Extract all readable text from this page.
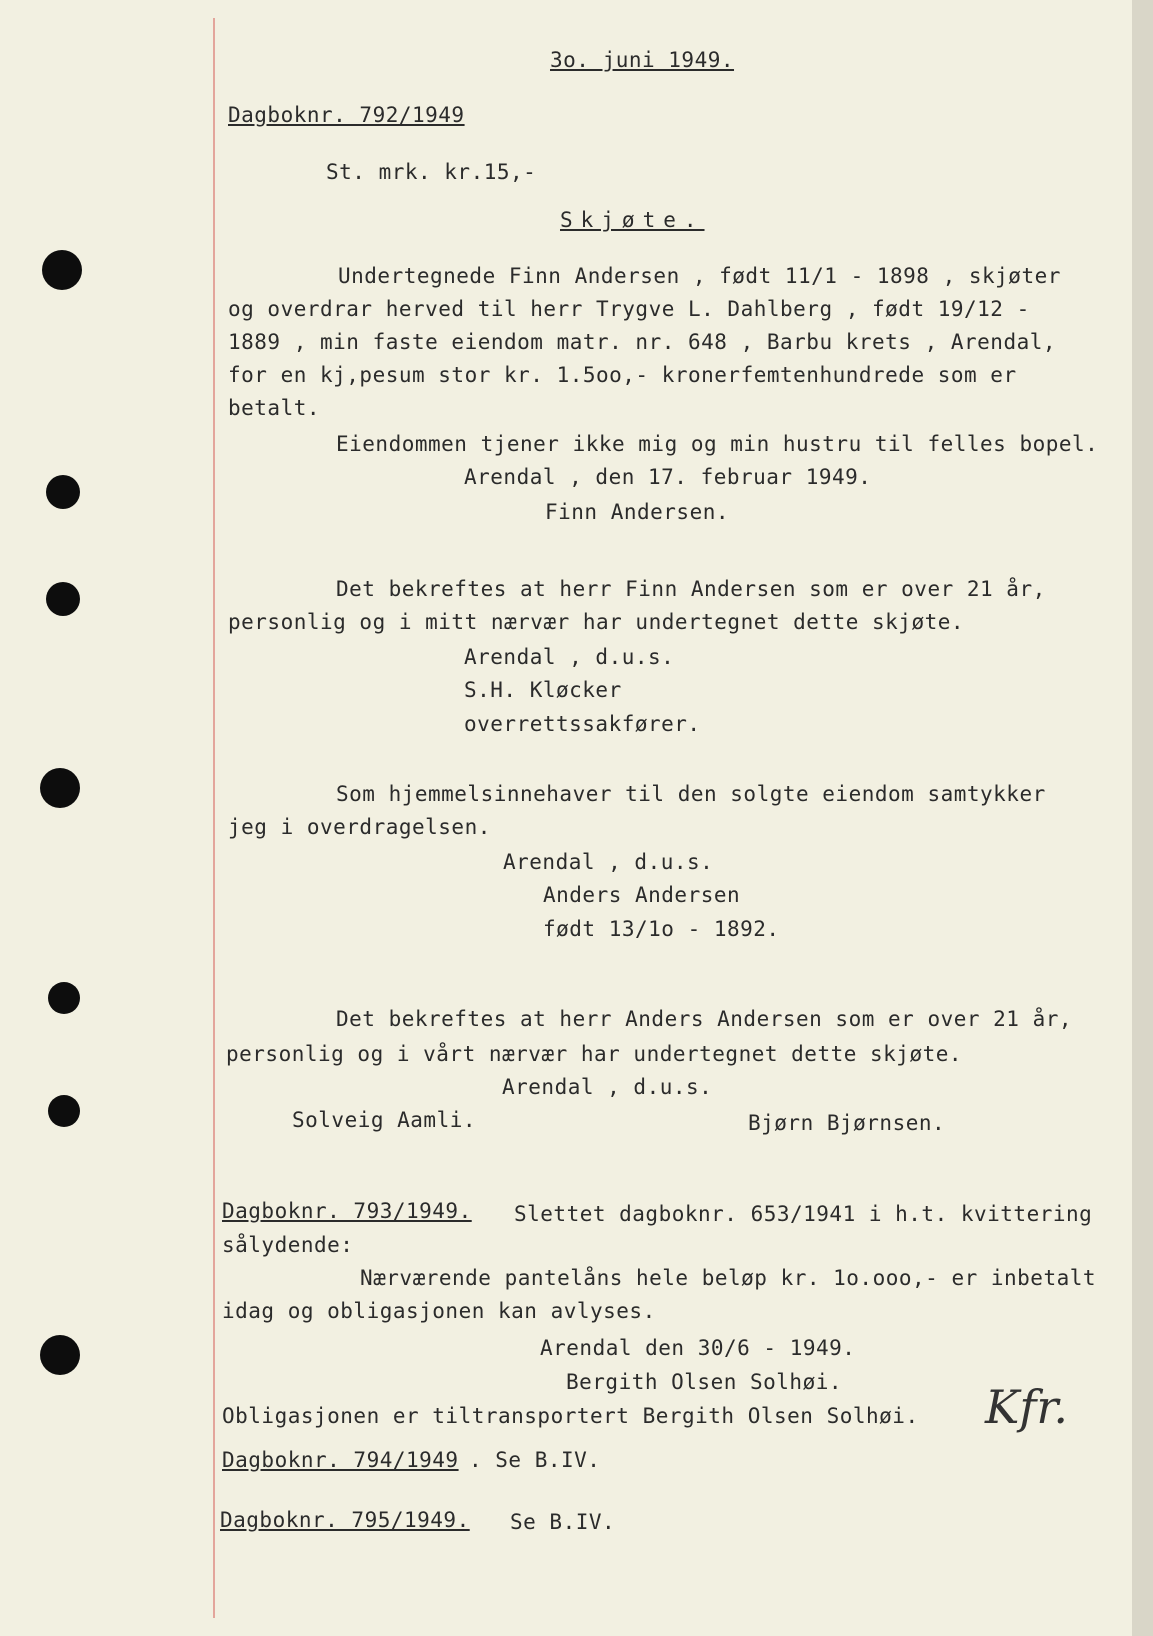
3o. juni 1949.
Dagboknr. 792/1949
St. mrk. kr.15,-
Skjøte.
Undertegnede Finn Andersen , født 11/1 - 1898 , skjøter
og overdrar herved til herr Trygve L. Dahlberg , født 19/12 -
1889 , min faste eiendom matr. nr. 648 , Barbu krets , Arendal,
for en kj,pesum stor kr. 1.5oo,- kronerfemtenhundrede som er
betalt.
Eiendommen tjener ikke mig og min hustru til felles bopel.
Arendal , den 17. februar 1949.
Finn Andersen.
Det bekreftes at herr Finn Andersen som er over 21 år,
personlig og i mitt nærvær har undertegnet dette skjøte.
Arendal , d.u.s.
S.H. Kløcker
overrettssakfører.
Som hjemmelsinnehaver til den solgte eiendom samtykker
jeg i overdragelsen.
Arendal , d.u.s.
Anders Andersen
født 13/1o - 1892.
Det bekreftes at herr Anders Andersen som er over 21 år,
personlig og i vårt nærvær har undertegnet dette skjøte.
Arendal , d.u.s.
Solveig Aamli.	Bjørn Bjørnsen.
Dagboknr. 793/1949. Slettet dagboknr. 653/1941 i h.t. kvittering
sålydende:
Nærværende pantelåns hele beløp kr. 1o.ooo,- er inbetalt
idag og obligasjonen kan avlyses.
Arendal den 30/6 - 1949.
Bergith Olsen Solhøi.
Obligasjonen er tiltransportert Bergith Olsen Solhøi. Kfr.
Dagboknr. 794/1949 . Se B.IV.
Dagboknr. 795/1949. Se B.IV.
